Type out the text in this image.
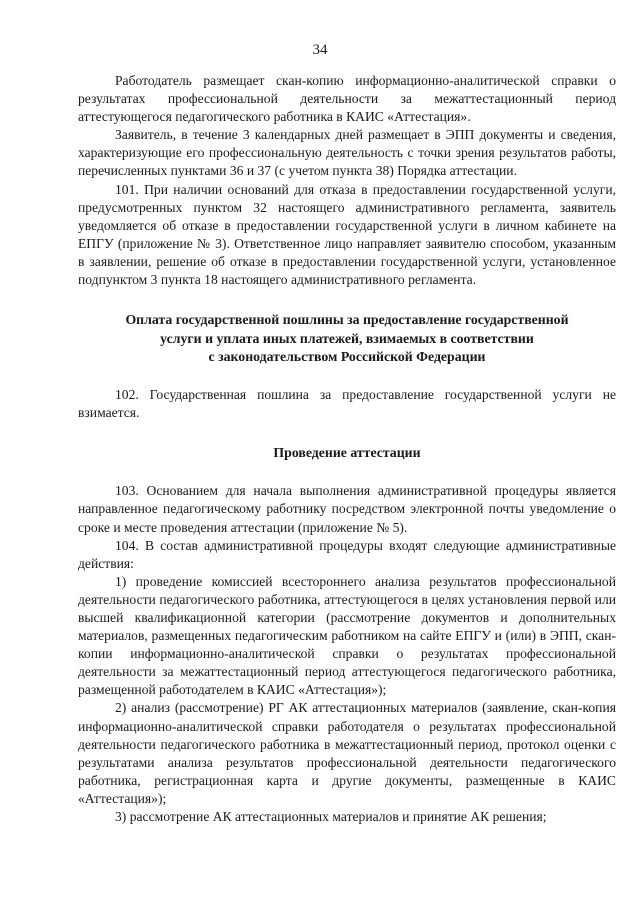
34

Работодатель размещает скан-копию информационно-аналитической справки о результатах профессиональной деятельности за межаттестационный период аттестующегося педагогического работника в КАИС «Аттестация».

Заявитель, в течение 3 календарных дней размещает в ЭПП документы и сведения, характеризующие его профессиональную деятельность с точки зрения результатов работы, перечисленных пунктами 36 и 37 (с учетом пункта 38) Порядка аттестации.

101. При наличии оснований для отказа в предоставлении государственной услуги, предусмотренных пунктом 32 настоящего административного регламента, заявитель уведомляется об отказе в предоставлении государственной услуги в личном кабинете на ЕПГУ (приложение № 3). Ответственное лицо направляет заявителю способом, указанным в заявлении, решение об отказе в предоставлении государственной услуги, установленное подпунктом 3 пункта 18 настоящего административного регламента.

Оплата государственной пошлины за предоставление государственной
услуги и уплата иных платежей, взимаемых в соответствии
с законодательством Российской Федерации

102. Государственная пошлина за предоставление государственной услуги не взимается.

Проведение аттестации

103. Основанием для начала выполнения административной процедуры является направленное педагогическому работнику посредством электронной почты уведомление о сроке и месте проведения аттестации (приложение № 5).

104. В состав административной процедуры входят следующие административные действия:

1) проведение комиссией всестороннего анализа результатов профессиональной деятельности педагогического работника, аттестующегося в целях установления первой или высшей квалификационной категории (рассмотрение документов и дополнительных материалов, размещенных педагогическим работником на сайте ЕПГУ и (или) в ЭПП, скан-копии информационно-аналитической справки о результатах профессиональной деятельности за межаттестационный период аттестующегося педагогического работника, размещенной работодателем в КАИС «Аттестация»);

2) анализ (рассмотрение) РГ АК аттестационных материалов (заявление, скан-копия информационно-аналитической справки работодателя о результатах профессиональной деятельности педагогического работника в межаттестационный период, протокол оценки с результатами анализа результатов профессиональной деятельности педагогического работника, регистрационная карта и другие документы, размещенные в КАИС «Аттестация»);

3) рассмотрение АК аттестационных материалов и принятие АК решения;
